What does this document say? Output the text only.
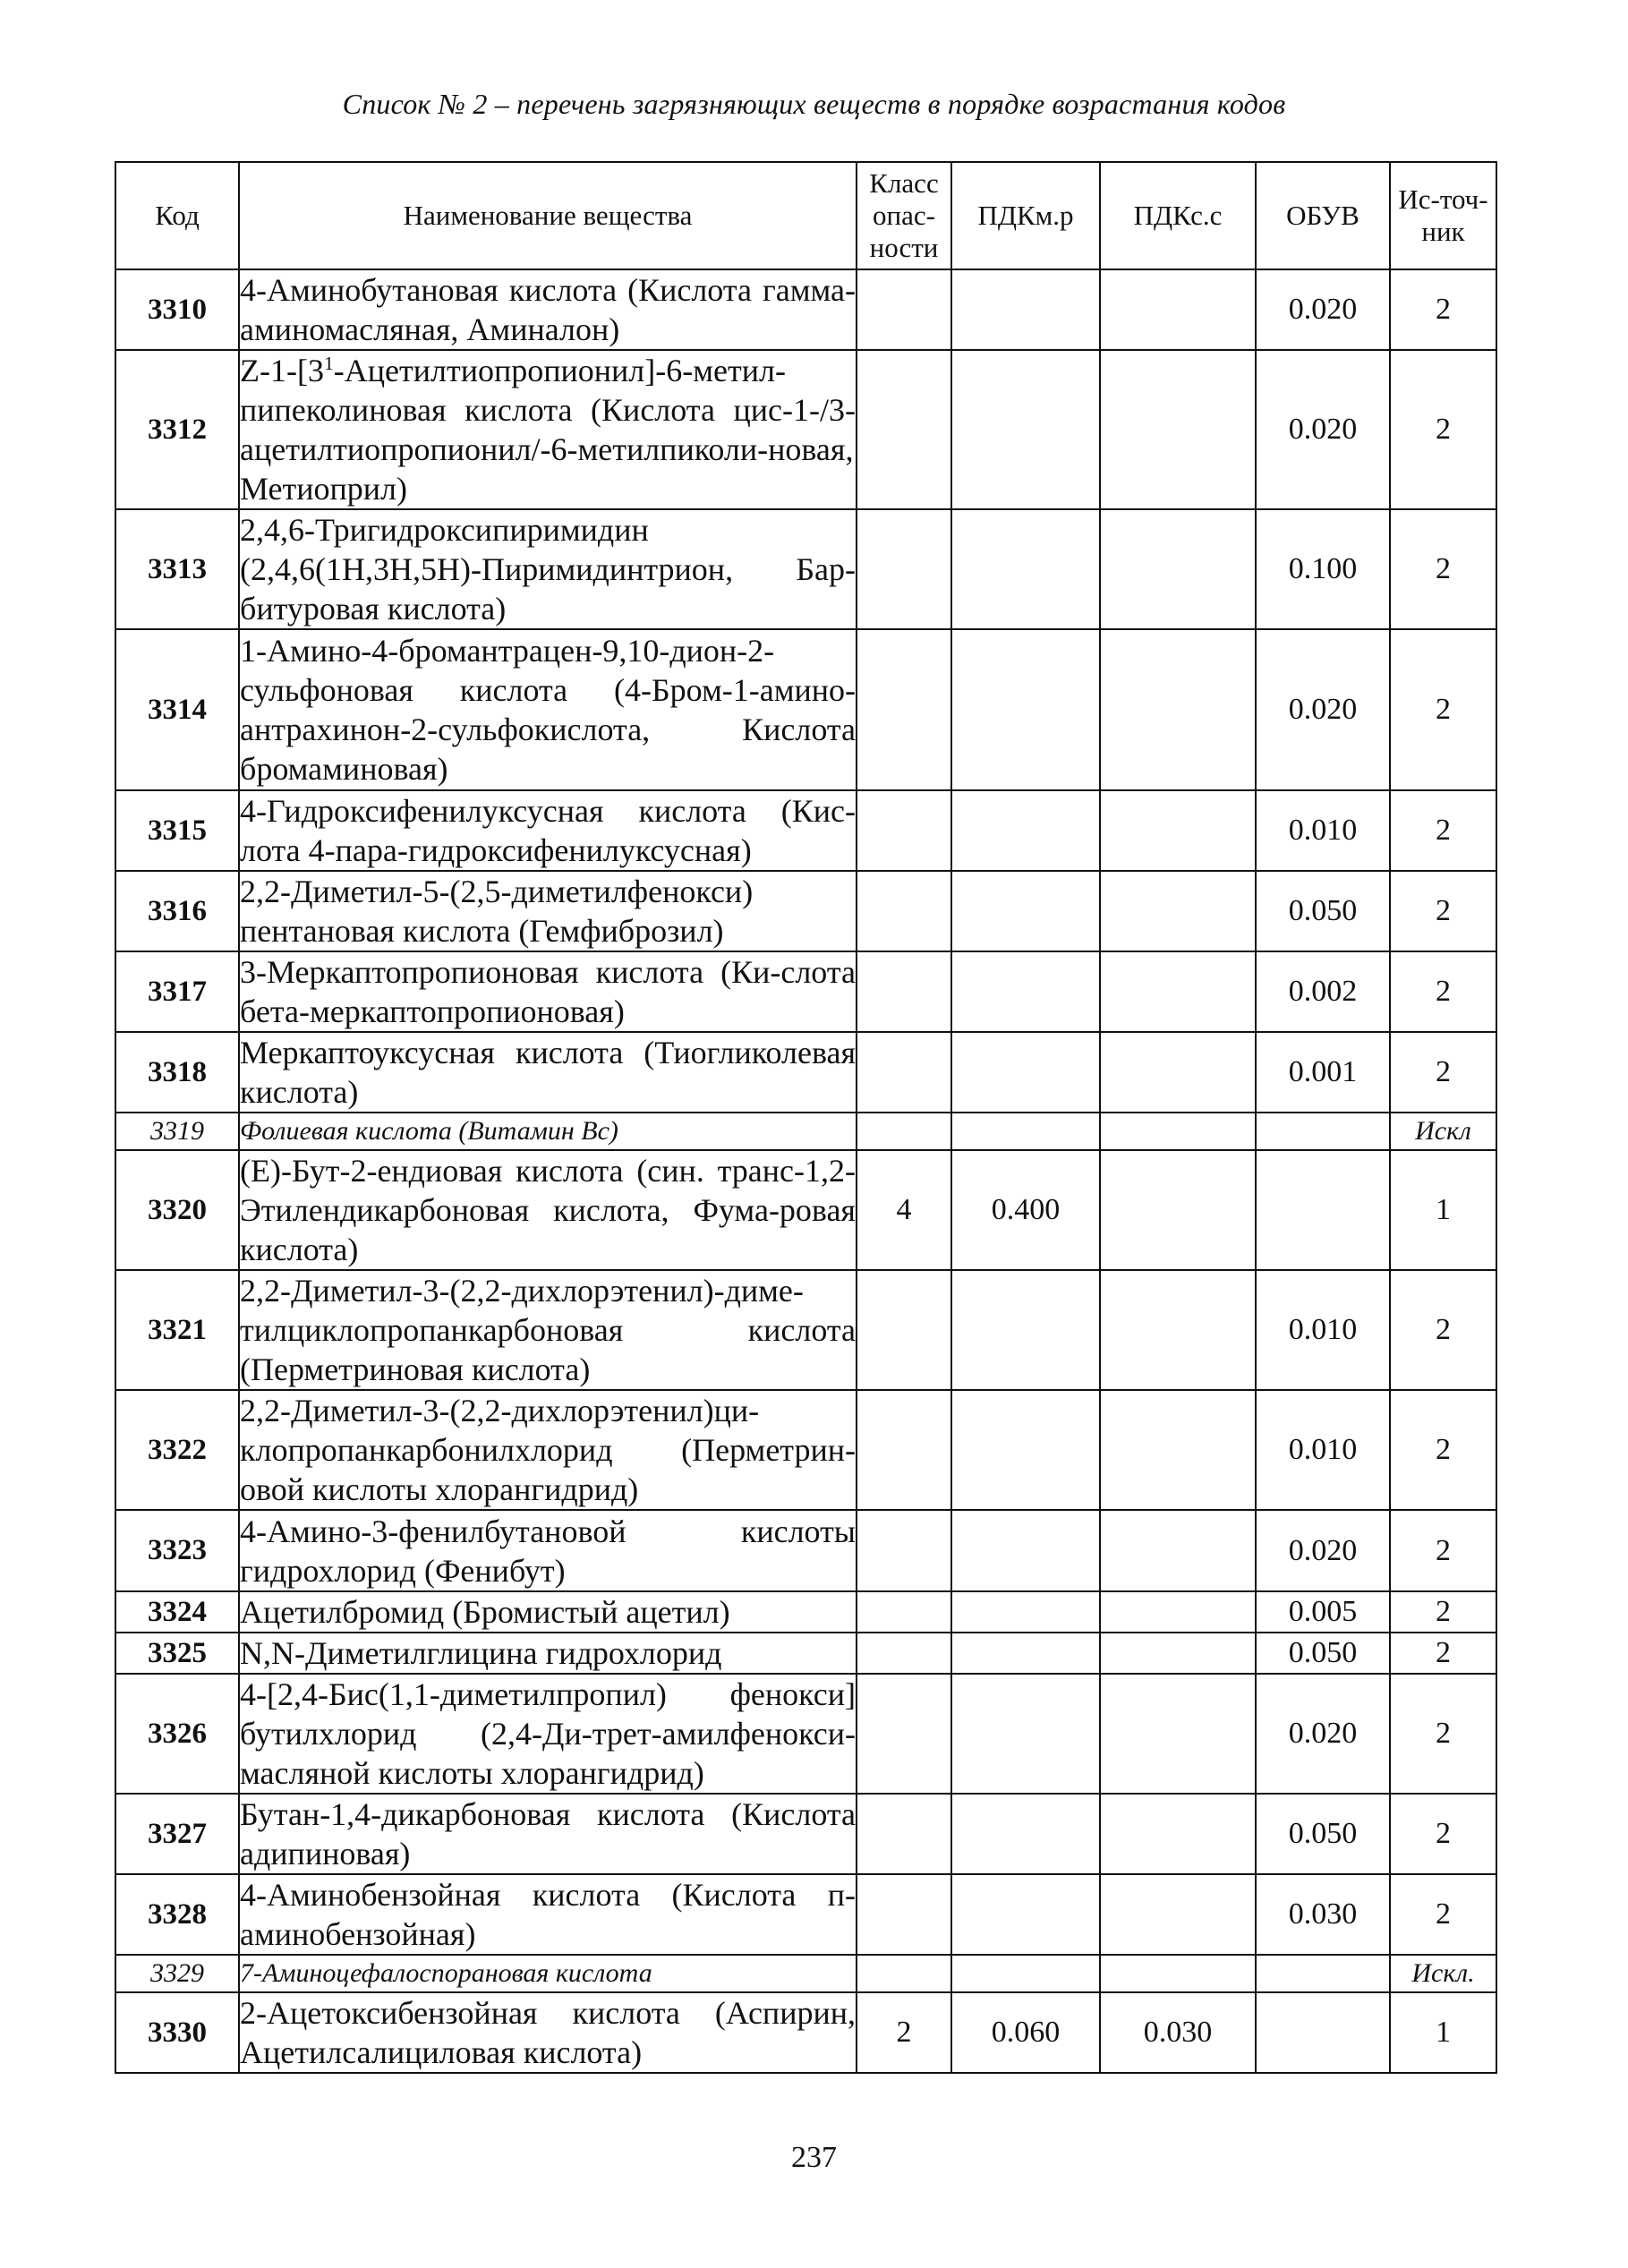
Список № 2 – перечень загрязняющих веществ в порядке возрастания кодов
Код	Наименование вещества	Класс опас-ности	ПДКм.р	ПДКс.с	ОБУВ	Ис-точ-ник
3310	4-Аминобутановая кислота (Кислота гамма-аминомасляная, Аминалон)				0.020	2
3312	$Z-1-[3^1-Ацетилтиопропионил]-6-метил$-пипеколиновая кислота (Кислота цис-1-/3-ацетилтиопропионил/-6-метилпиколи-новая, Метиоприл)				0.020	2
3313	2,4,6-Тригидроксипиримидин (2,4,6(1H,3H,5H)-Пиримидинтрион, Бар-битуровая кислота)				0.100	2
3314	1-Амино-4-бромантрацен-9,10-дион-2-сульфоновая кислота (4-Бром-1-амино-антрахинон-2-сульфокислота, Кислота бромаминовая)				0.020	2
3315	4-Гидроксифенилуксусная кислота (Кис-лота 4-пара-гидроксифенилуксусная)				0.010	2
3316	2,2-Диметил-5-(2,5-диметилфенокси) пентановая кислота (Гемфиброзил)				0.050	2
3317	3-Меркаптопропионовая кислота (Ки-слота бета-меркаптопропионовая)				0.002	2
3318	Меркаптоуксусная кислота (Тиогликолевая кислота)				0.001	2
3319	Фолиевая кислота (Витамин Вс)					Искл
3320	(Е)-Бут-2-ендиовая кислота (син. транс-1,2-Этилендикарбоновая кислота, Фума-ровая кислота)	4	0.400			1
3321	2,2-Диметил-3-(2,2-дихлорэтенил)-диме-тилциклопропанкарбоновая кислота (Перметриновая кислота)				0.010	2
3322	2,2-Диметил-3-(2,2-дихлорэтенил)ци-клопропанкарбонилхлорид (Перметрин-овой кислоты хлорангидрид)				0.010	2
3323	4-Амино-3-фенилбутановой кислоты гидрохлорид (Фенибут)				0.020	2
3324	Ацетилбромид (Бромистый ацетил)				0.005	2
3325	N,N-Диметилглицина гидрохлорид				0.050	2
3326	4-[2,4-Бис(1,1-диметилпропил) фенокси] бутилхлорид (2,4-Ди-трет-амилфенокси-масляной кислоты хлорангидрид)				0.020	2
3327	Бутан-1,4-дикарбоновая кислота (Кислота адипиновая)				0.050	2
3328	4-Аминобензойная кислота (Кислота п-аминобензойная)				0.030	2
3329	7-Аминоцефалоспорановая кислота					Искл.
3330	2-Ацетоксибензойная кислота (Аспирин, Ацетилсалициловая кислота)	2	0.060	0.030		1
237
